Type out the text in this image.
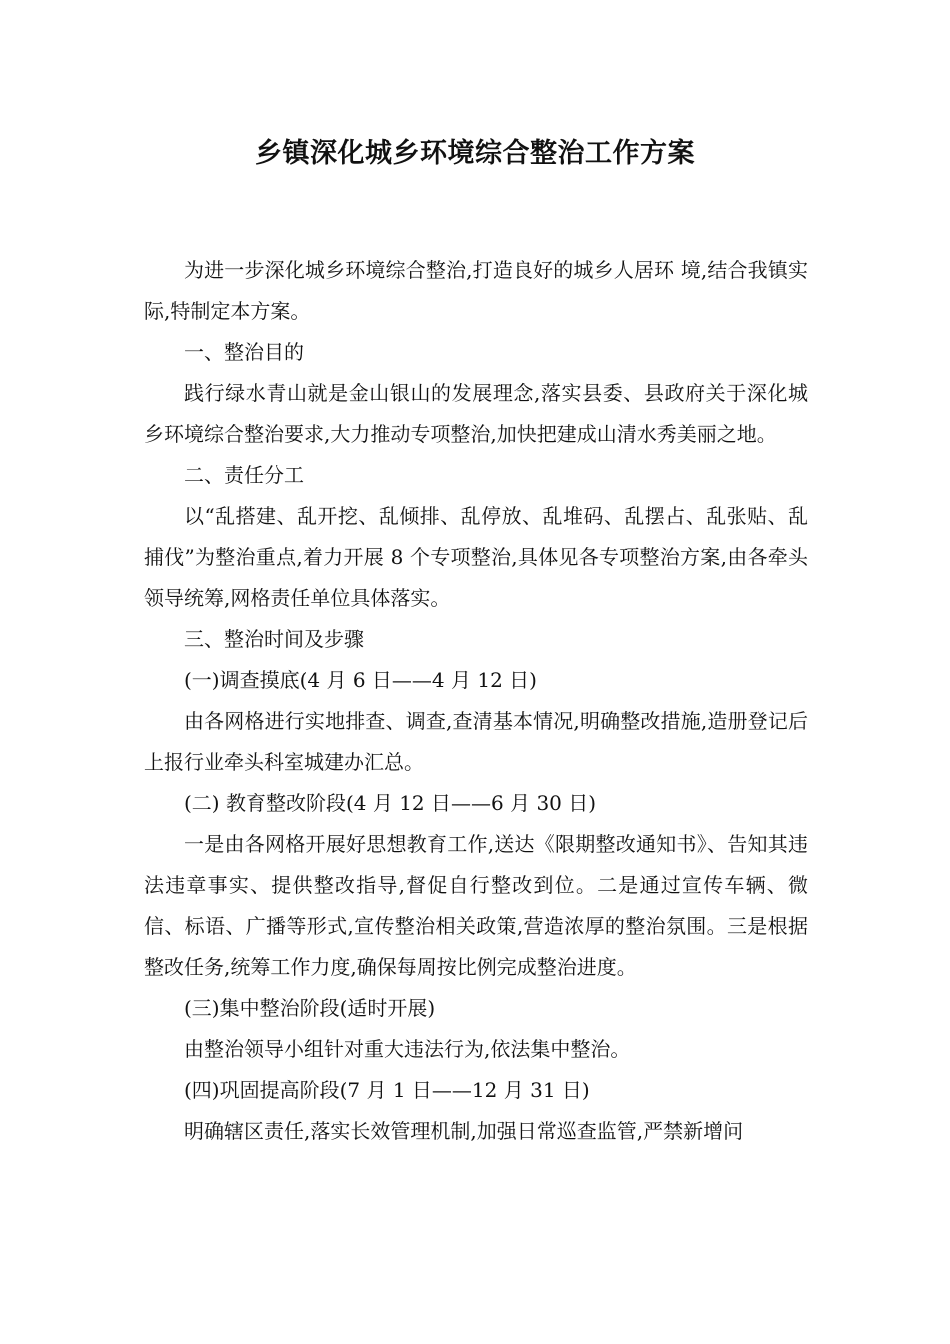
乡镇深化城乡环境综合整治工作方案

为进一步深化城乡环境综合整治,打造良好的城乡人居环 境,结合我镇实际,特制定本方案。

一、整治目的

践行绿水青山就是金山银山的发展理念,落实县委、县政府关于深化城乡环境综合整治要求,大力推动专项整治,加快把建成山清水秀美丽之地。

二、责任分工

以“乱搭建、乱开挖、乱倾排、乱停放、乱堆码、乱摆占、乱张贴、乱捕伐”为整治重点,着力开展 8 个专项整治,具体见各专项整治方案,由各牵头领导统筹,网格责任单位具体落实。

三、整治时间及步骤

(一)调查摸底(4 月 6 日——4 月 12 日)

由各网格进行实地排查、调查,查清基本情况,明确整改措施,造册登记后上报行业牵头科室城建办汇总。

(二) 教育整改阶段(4 月 12 日——6 月 30 日)

一是由各网格开展好思想教育工作,送达《限期整改通知书》、告知其违法违章事实、提供整改指导,督促自行整改到位。二是通过宣传车辆、微信、标语、广播等形式,宣传整治相关政策,营造浓厚的整治氛围。三是根据整改任务,统筹工作力度,确保每周按比例完成整治进度。

(三)集中整治阶段(适时开展)

由整治领导小组针对重大违法行为,依法集中整治。

(四)巩固提高阶段(7 月 1 日——12 月 31 日)

明确辖区责任,落实长效管理机制,加强日常巡查监管,严禁新增问
